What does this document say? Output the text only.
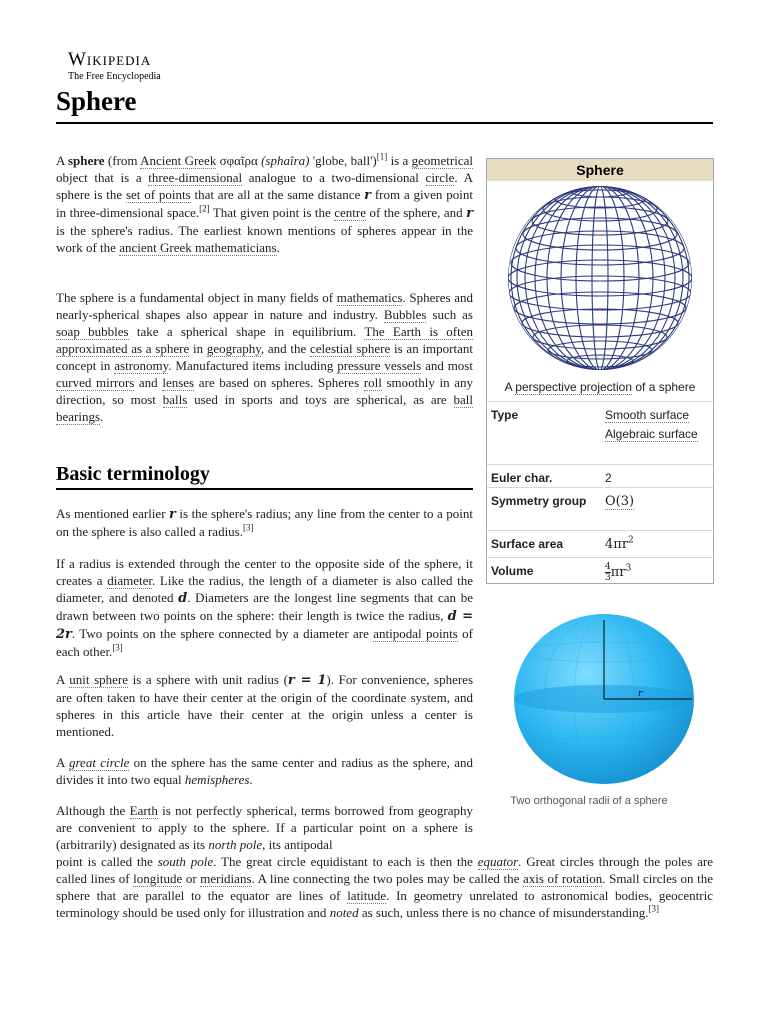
Wikipedia
The Free Encyclopedia
Sphere
A sphere (from Ancient Greek σφαῖρα (sphaîra) 'globe, ball')[1] is a geometrical object that is a three-dimensional analogue to a two-dimensional circle. A sphere is the set of points that are all at the same distance r from a given point in three-dimensional space.[2] That given point is the centre of the sphere, and r is the sphere's radius. The earliest known mentions of spheres appear in the work of the ancient Greek mathematicians.
The sphere is a fundamental object in many fields of mathematics. Spheres and nearly-spherical shapes also appear in nature and industry. Bubbles such as soap bubbles take a spherical shape in equilibrium. The Earth is often approximated as a sphere in geography, and the celestial sphere is an important concept in astronomy. Manufactured items including pressure vessels and most curved mirrors and lenses are based on spheres. Spheres roll smoothly in any direction, so most balls used in sports and toys are spherical, as are ball bearings.
Basic terminology
As mentioned earlier r is the sphere's radius; any line from the center to a point on the sphere is also called a radius.[3]
If a radius is extended through the center to the opposite side of the sphere, it creates a diameter. Like the radius, the length of a diameter is also called the diameter, and denoted d. Diameters are the longest line segments that can be drawn between two points on the sphere: their length is twice the radius, d = 2r. Two points on the sphere connected by a diameter are antipodal points of each other.[3]
A unit sphere is a sphere with unit radius (r = 1). For convenience, spheres are often taken to have their center at the origin of the coordinate system, and spheres in this article have their center at the origin unless a center is mentioned.
A great circle on the sphere has the same center and radius as the sphere, and divides it into two equal hemispheres.
Although the Earth is not perfectly spherical, terms borrowed from geography are convenient to apply to the sphere. If a particular point on a sphere is (arbitrarily) designated as its north pole, its antipodal
point is called the south pole. The great circle equidistant to each is then the equator. Great circles through the poles are called lines of longitude or meridians. A line connecting the two poles may be called the axis of rotation. Small circles on the sphere that are parallel to the equator are lines of latitude. In geometry unrelated to astronomical bodies, geocentric terminology should be used only for illustration and noted as such, unless there is no chance of misunderstanding.[3]
Sphere
A perspective projection of a sphere
Type	Smooth surface
Algebraic surface
Euler char.	2
Symmetry group	O(3)
Surface area	$4\pi r^2$
Volume	$\frac{4}{3} \pi r^3$
r
Two orthogonal radii of a sphere
